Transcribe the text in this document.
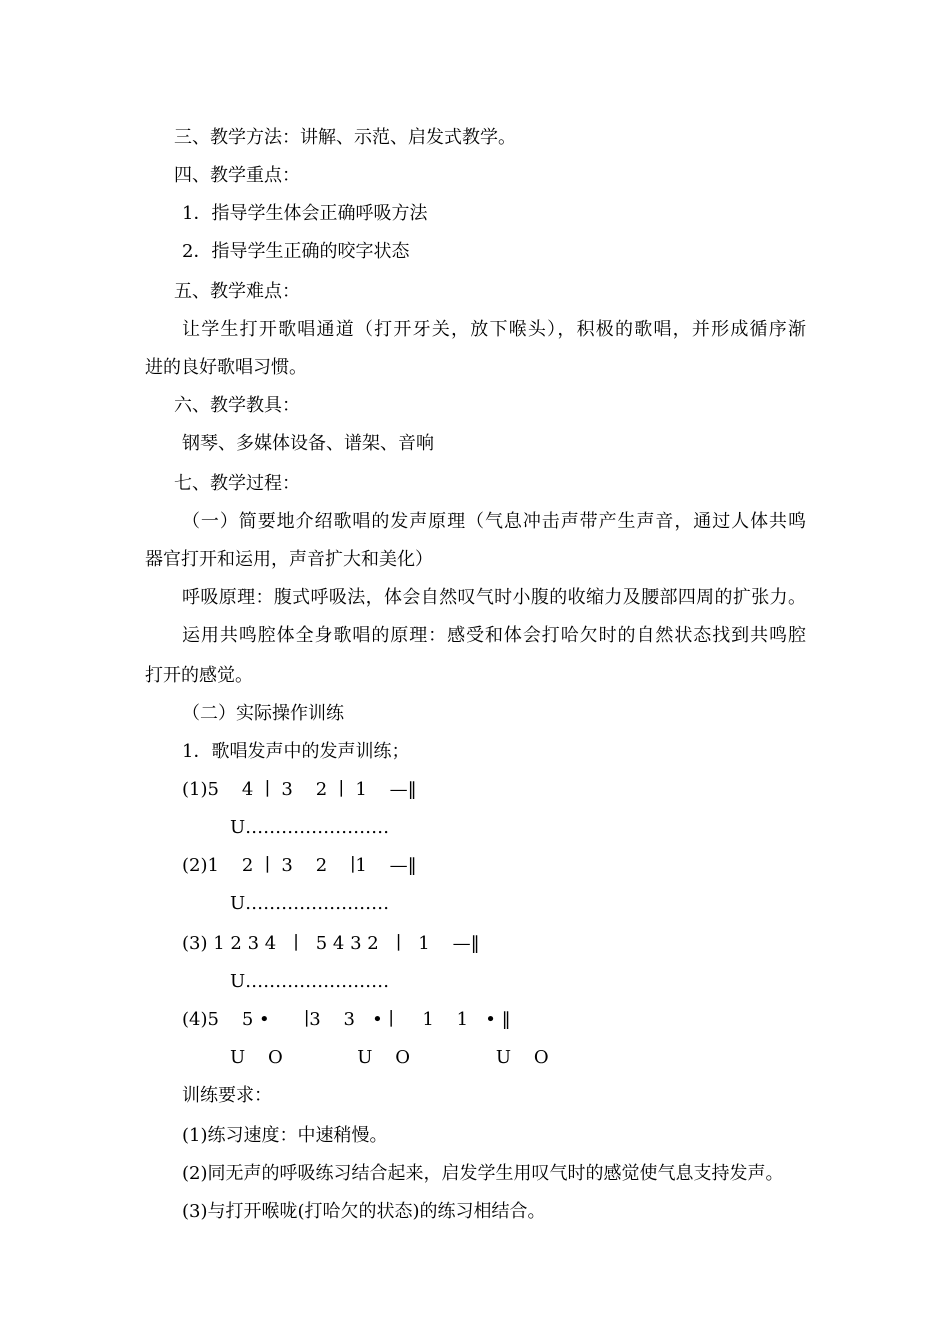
三、教学方法：讲解、示范、启发式教学。
四、教学重点：
1．指导学生体会正确呼吸方法
2．指导学生正确的咬字状态
五、教学难点：
让学生打开歌唱通道（打开牙关，放下喉头），积极的歌唱，并形成循序渐
进的良好歌唱习惯。
六、教学教具：
钢琴、多媒体设备、谱架、音响
七、教学过程：
（一）简要地介绍歌唱的发声原理（气息冲击声带产生声音，通过人体共鸣
器官打开和运用，声音扩大和美化）
呼吸原理：腹式呼吸法，体会自然叹气时小腹的收缩力及腰部四周的扩张力。
运用共鸣腔体全身歌唱的原理：感受和体会打哈欠时的自然状态找到共鸣腔
打开的感觉。
（二）实际操作训练
1．歌唱发声中的发声训练；
(1)5    4  ∣  3    2  ∣  1    —‖
U……………………
(2)1    2  ∣  3    2    ∣1    —‖
U……………………
(3) 1 2 3 4   ∣   5 4 3 2   ∣   1    —‖
U……………………
(4)5    5 •      ∣3    3   • ∣     1    1   • ‖
U    O             U    O               U    O
训练要求：
(1)练习速度：中速稍慢。
(2)同无声的呼吸练习结合起来，启发学生用叹气时的感觉使气息支持发声。
(3)与打开喉咙(打哈欠的状态)的练习相结合。
